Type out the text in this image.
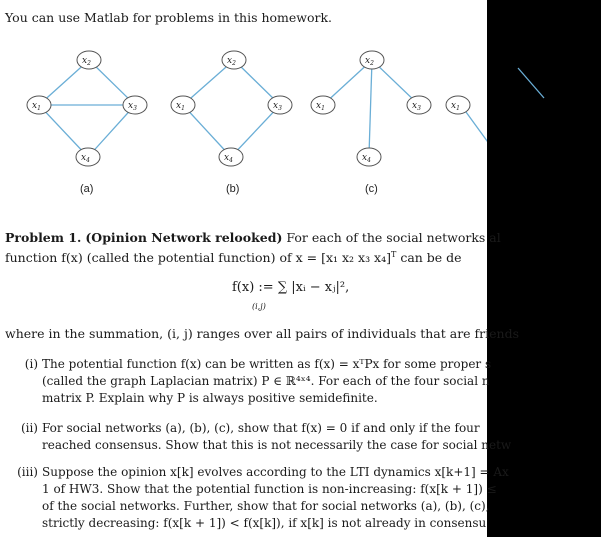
You can use Matlab for problems in this homework.
$x_2$
$x_1$	$x_3$
$x_4$
(a)
$x_2$
$x_1$	$x_3$
$x_4$
(b)
$x_2$
$x_1$	$x_3$
$x_4$
(c)
$x_1$
Problem 1. (Opinion Network relooked) For each of the social networks al
function f(x) (called the potential function) of x = [x₁ x₂ x₃ x₄]$^T$ can be de
f(x) := ∑ |xᵢ − xⱼ|²,
(i,j)
where in the summation, (i, j) ranges over all pairs of individuals that are friends
(i) The potential function f(x) can be written as f(x) = xᵀPx for some proper s
(called the graph Laplacian matrix) P ∈ ℝ⁴ˣ⁴. For each of the four social n
matrix P. Explain why P is always positive semidefinite.
(ii) For social networks (a), (b), (c), show that f(x) = 0 if and only if the four
reached consensus. Show that this is not necessarily the case for social netw
(iii) Suppose the opinion x[k] evolves according to the LTI dynamics x[k+1] = Ax
1 of HW3. Show that the potential function is non-increasing: f(x[k + 1]) ≤
of the social networks. Further, show that for social networks (a), (b), (c),
strictly decreasing: f(x[k + 1]) < f(x[k]), if x[k] is not already in consensu
